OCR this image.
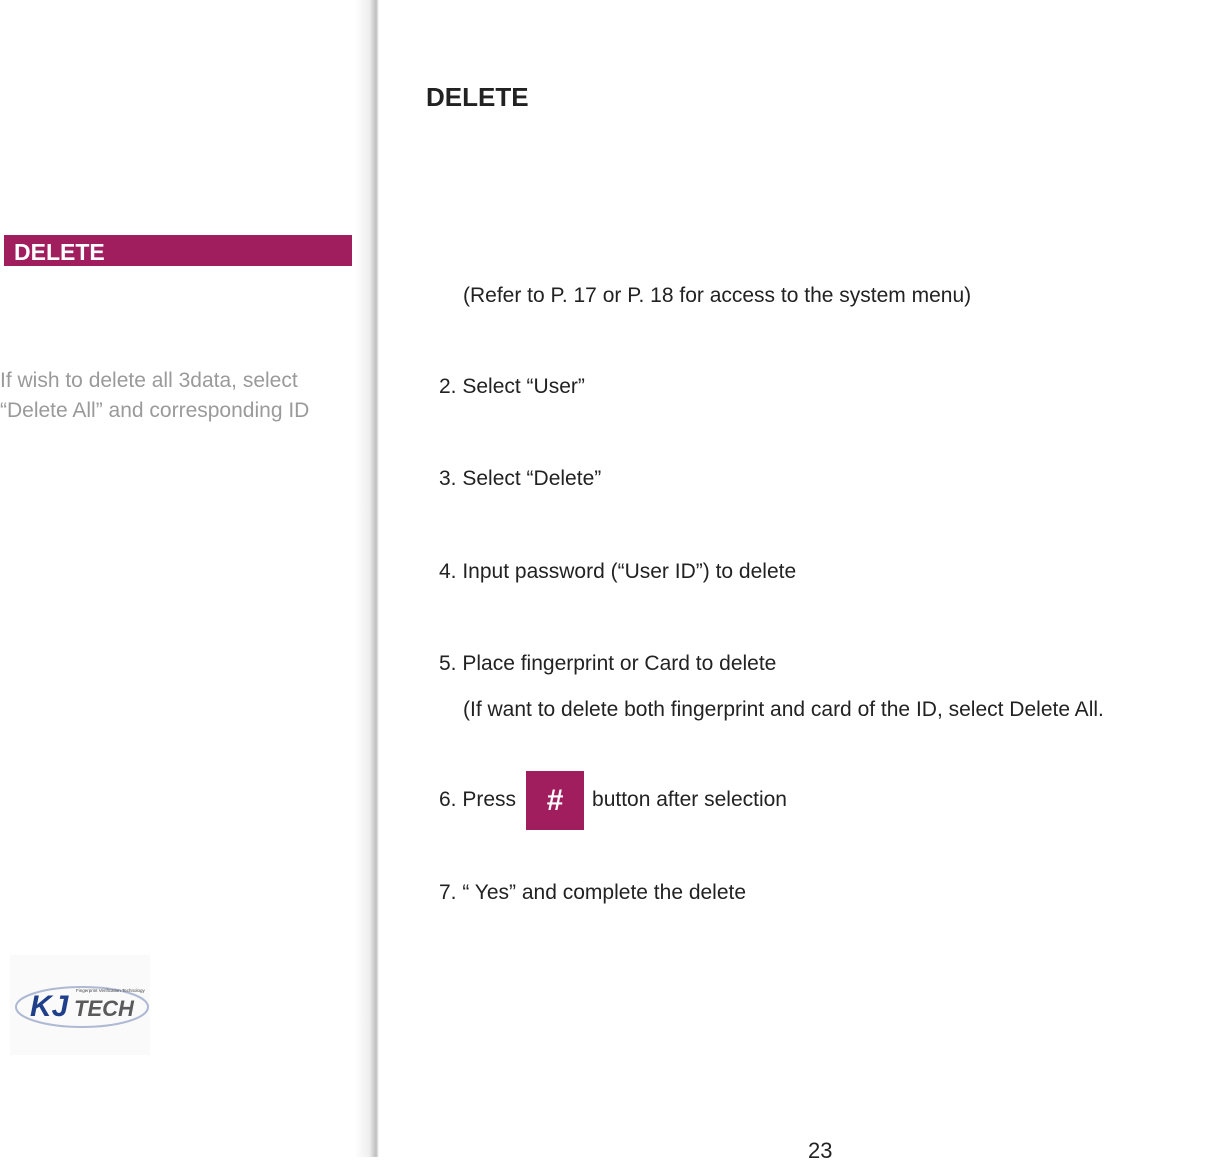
DELETE
If wish to delete all 3data, select
“Delete All” and corresponding ID
KJ TECH
Fingerprint Verification Technology
DELETE
(Refer to P. 17 or P. 18 for access to the system menu)
2. Select “User”
3. Select “Delete”
4. Input password (“User ID”) to delete
5. Place fingerprint or Card to delete
(If want to delete both fingerprint and card of the ID, select Delete All.
6. Press # button after selection
7. “ Yes” and complete the delete
23
